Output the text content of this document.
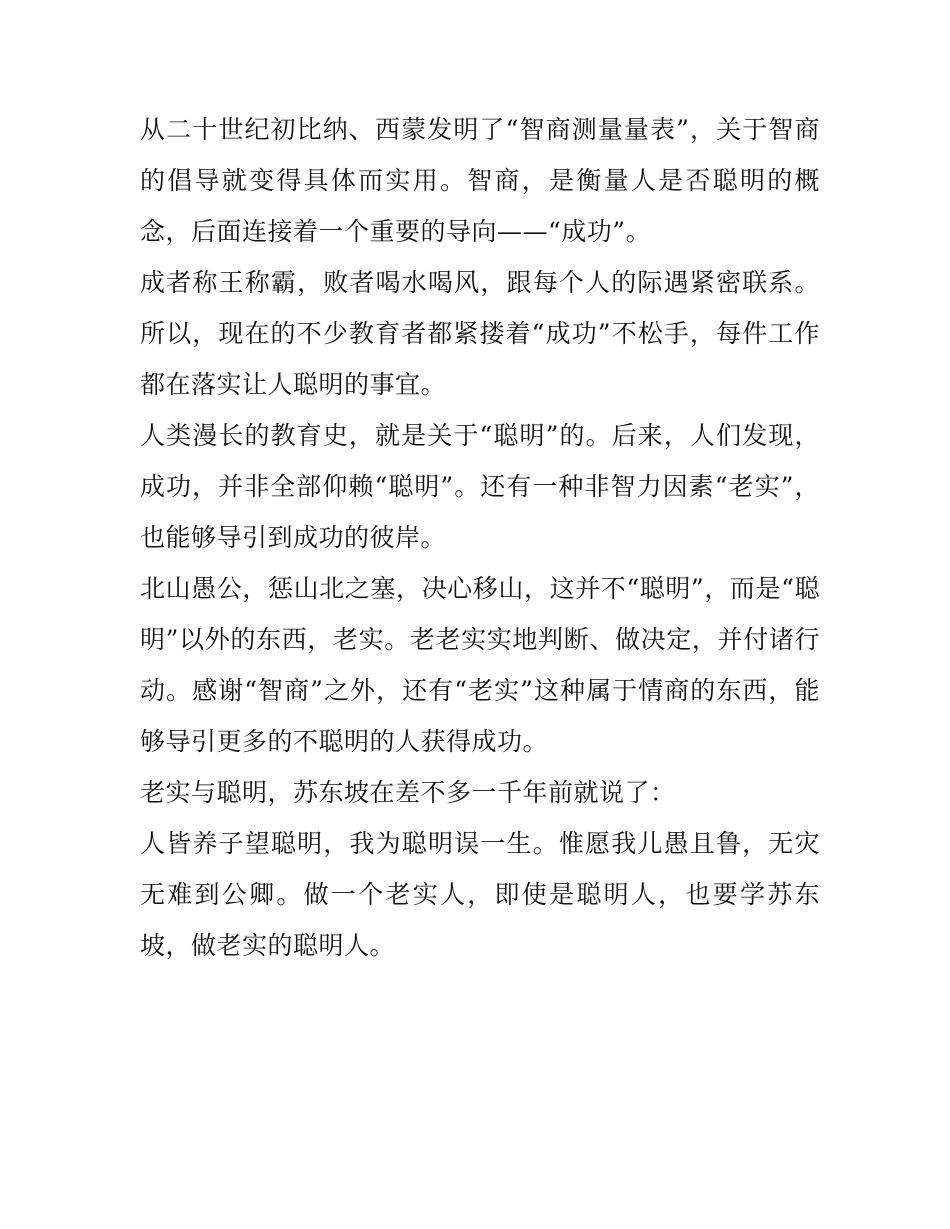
从二十世纪初比纳、西蒙发明了“智商测量量表”，关于智商的倡导就变得具体而实用。智商，是衡量人是否聪明的概念，后面连接着一个重要的导向——“成功”。

成者称王称霸，败者喝水喝风，跟每个人的际遇紧密联系。所以，现在的不少教育者都紧搂着“成功”不松手，每件工作都在落实让人聪明的事宜。

人类漫长的教育史，就是关于“聪明”的。后来，人们发现，成功，并非全部仰赖“聪明”。还有一种非智力因素“老实”，也能够导引到成功的彼岸。

北山愚公，惩山北之塞，决心移山，这并不“聪明”，而是“聪明”以外的东西，老实。老老实实地判断、做决定，并付诸行动。感谢“智商”之外，还有“老实”这种属于情商的东西，能够导引更多的不聪明的人获得成功。

老实与聪明，苏东坡在差不多一千年前就说了：

人皆养子望聪明，我为聪明误一生。惟愿我儿愚且鲁，无灾无难到公卿。做一个老实人，即使是聪明人，也要学苏东坡，做老实的聪明人。
